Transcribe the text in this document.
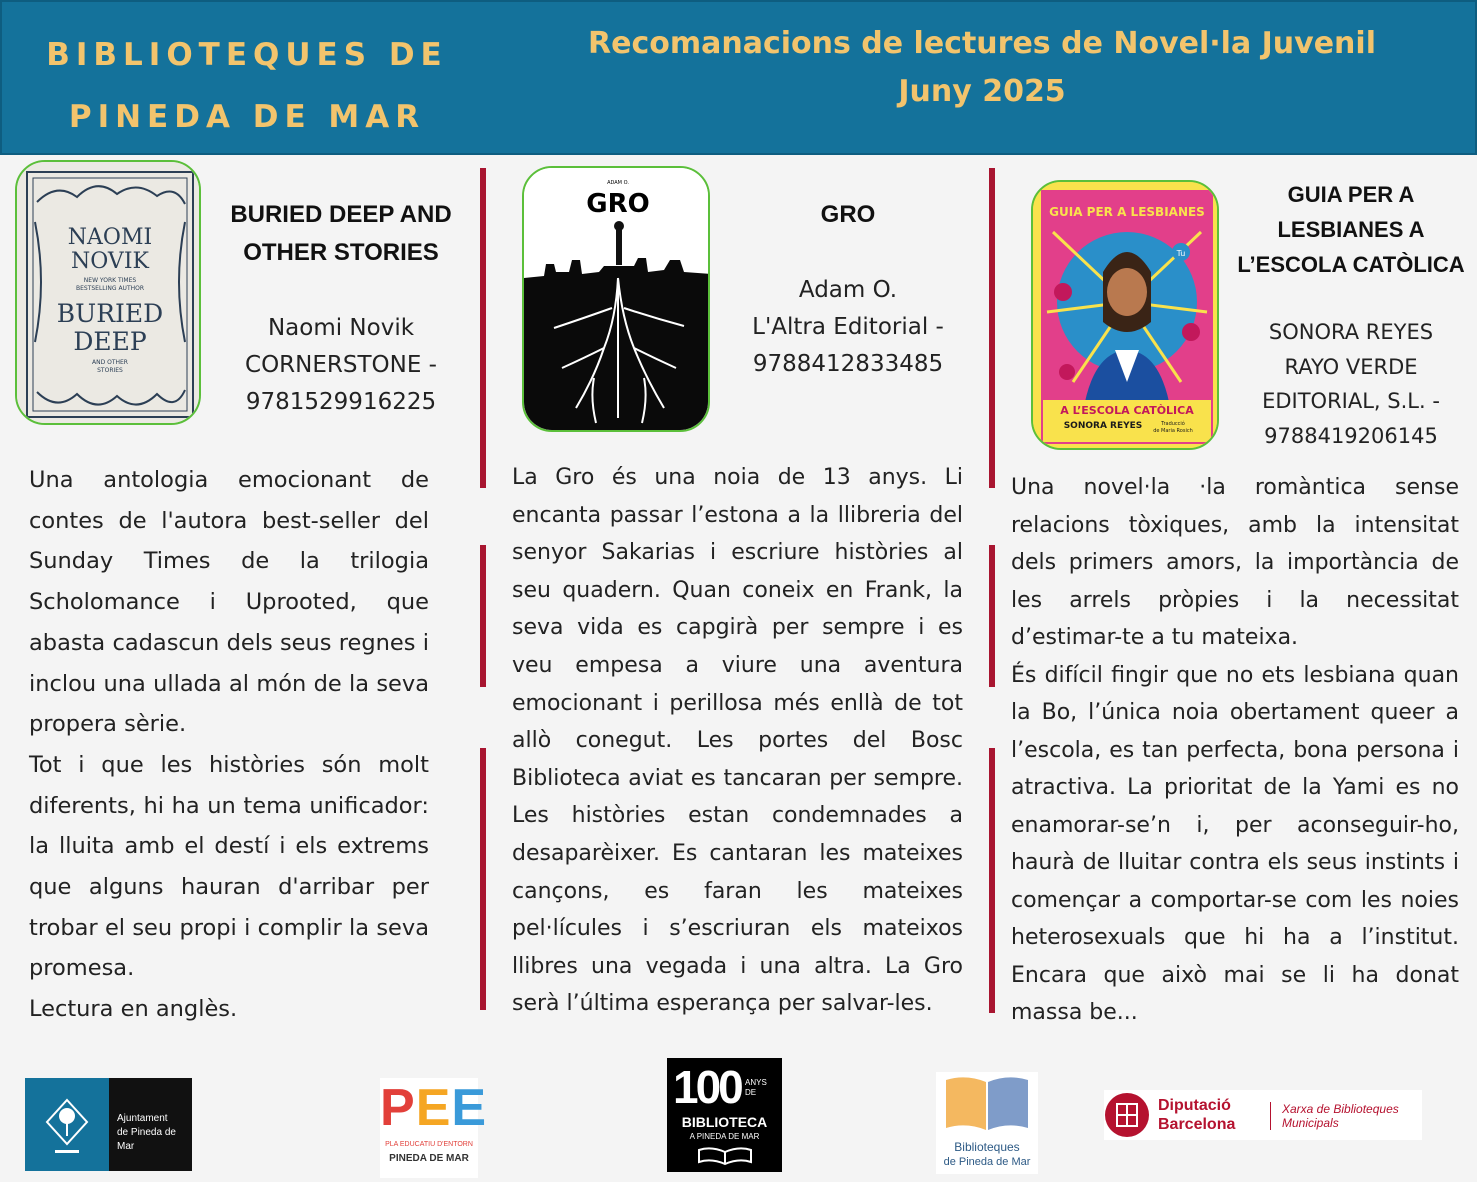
BIBLIOTEQUES DE
PINEDA DE MAR
Recomanacions de lectures de Novel·la Juvenil
Juny 2025
NAOMI
NOVIK
NEW YORK TIMES
BESTSELLING AUTHOR
BURIED
DEEP
AND OTHER
STORIES
BURIED DEEP AND
OTHER STORIES
Naomi Novik
CORNERSTONE -
9781529916225

Una antologia emocionant de contes de l'autora best-seller del Sunday Times de la trilogia Scholomance i Uprooted, que abasta cadascun dels seus regnes i inclou una ullada al món de la seva propera sèrie.

Tot i que les històries són molt diferents, hi ha un tema unificador: la lluita amb el destí i els extrems que alguns hauran d'arribar per trobar el seu propi i complir la seva promesa.

Lectura en anglès.

ADAM O.
GRO	GRO
Adam O.
L'Altra Editorial -
9788412833485

La Gro és una noia de 13 anys. Li encanta passar l’estona a la llibreria del senyor Sakarias i escriure històries al seu quadern. Quan coneix en Frank, la seva vida es capgirà per sempre i es veu empesa a viure una aventura emocionant i perillosa més enllà de tot allò conegut. Les portes del Bosc Biblioteca aviat es tancaran per sempre. Les històries estan condemnades a desaparèixer. Es cantaran les mateixes cançons, es faran les mateixes pel·lícules i s’escriuran els mateixos llibres una vegada i una altra. La Gro serà l’última esperança per salvar-les.

GUIA PER A LESBIANES
Tu
A L’ESCOLA CATÒLICA
SONORA REYES	Traducció
de Maria Rosich
GUIA PER A
LESBIANES A
L’ESCOLA CATÒLICA
SONORA REYES
RAYO VERDE
EDITORIAL, S.L. -
9788419206145

Una novel·la ·la romàntica sense relacions tòxiques, amb la intensitat dels primers amors, la importància de les arrels pròpies i la necessitat d’estimar-te a tu mateixa.

És difícil fingir que no ets lesbiana quan la Bo, l’única noia obertament queer a l’escola, es tan perfecta, bona persona i atractiva. La prioritat de la Yami es no enamorar-se’n i, per aconseguir-ho, haurà de lluitar contra els seus instints i començar a comportar-se com les noies heterosexuals que hi ha a l’institut. Encara que això mai se li ha donat massa be...

Ajuntament
de Pineda de Mar
PEE
PLA EDUCATIU D'ENTORN
PINEDA DE MAR
100 ANYS DE
BIBLIOTECA
A PINEDA DE MAR
Biblioteques
de Pineda de Mar
Diputació
Barcelona
Xarxa de Biblioteques
Municipals
